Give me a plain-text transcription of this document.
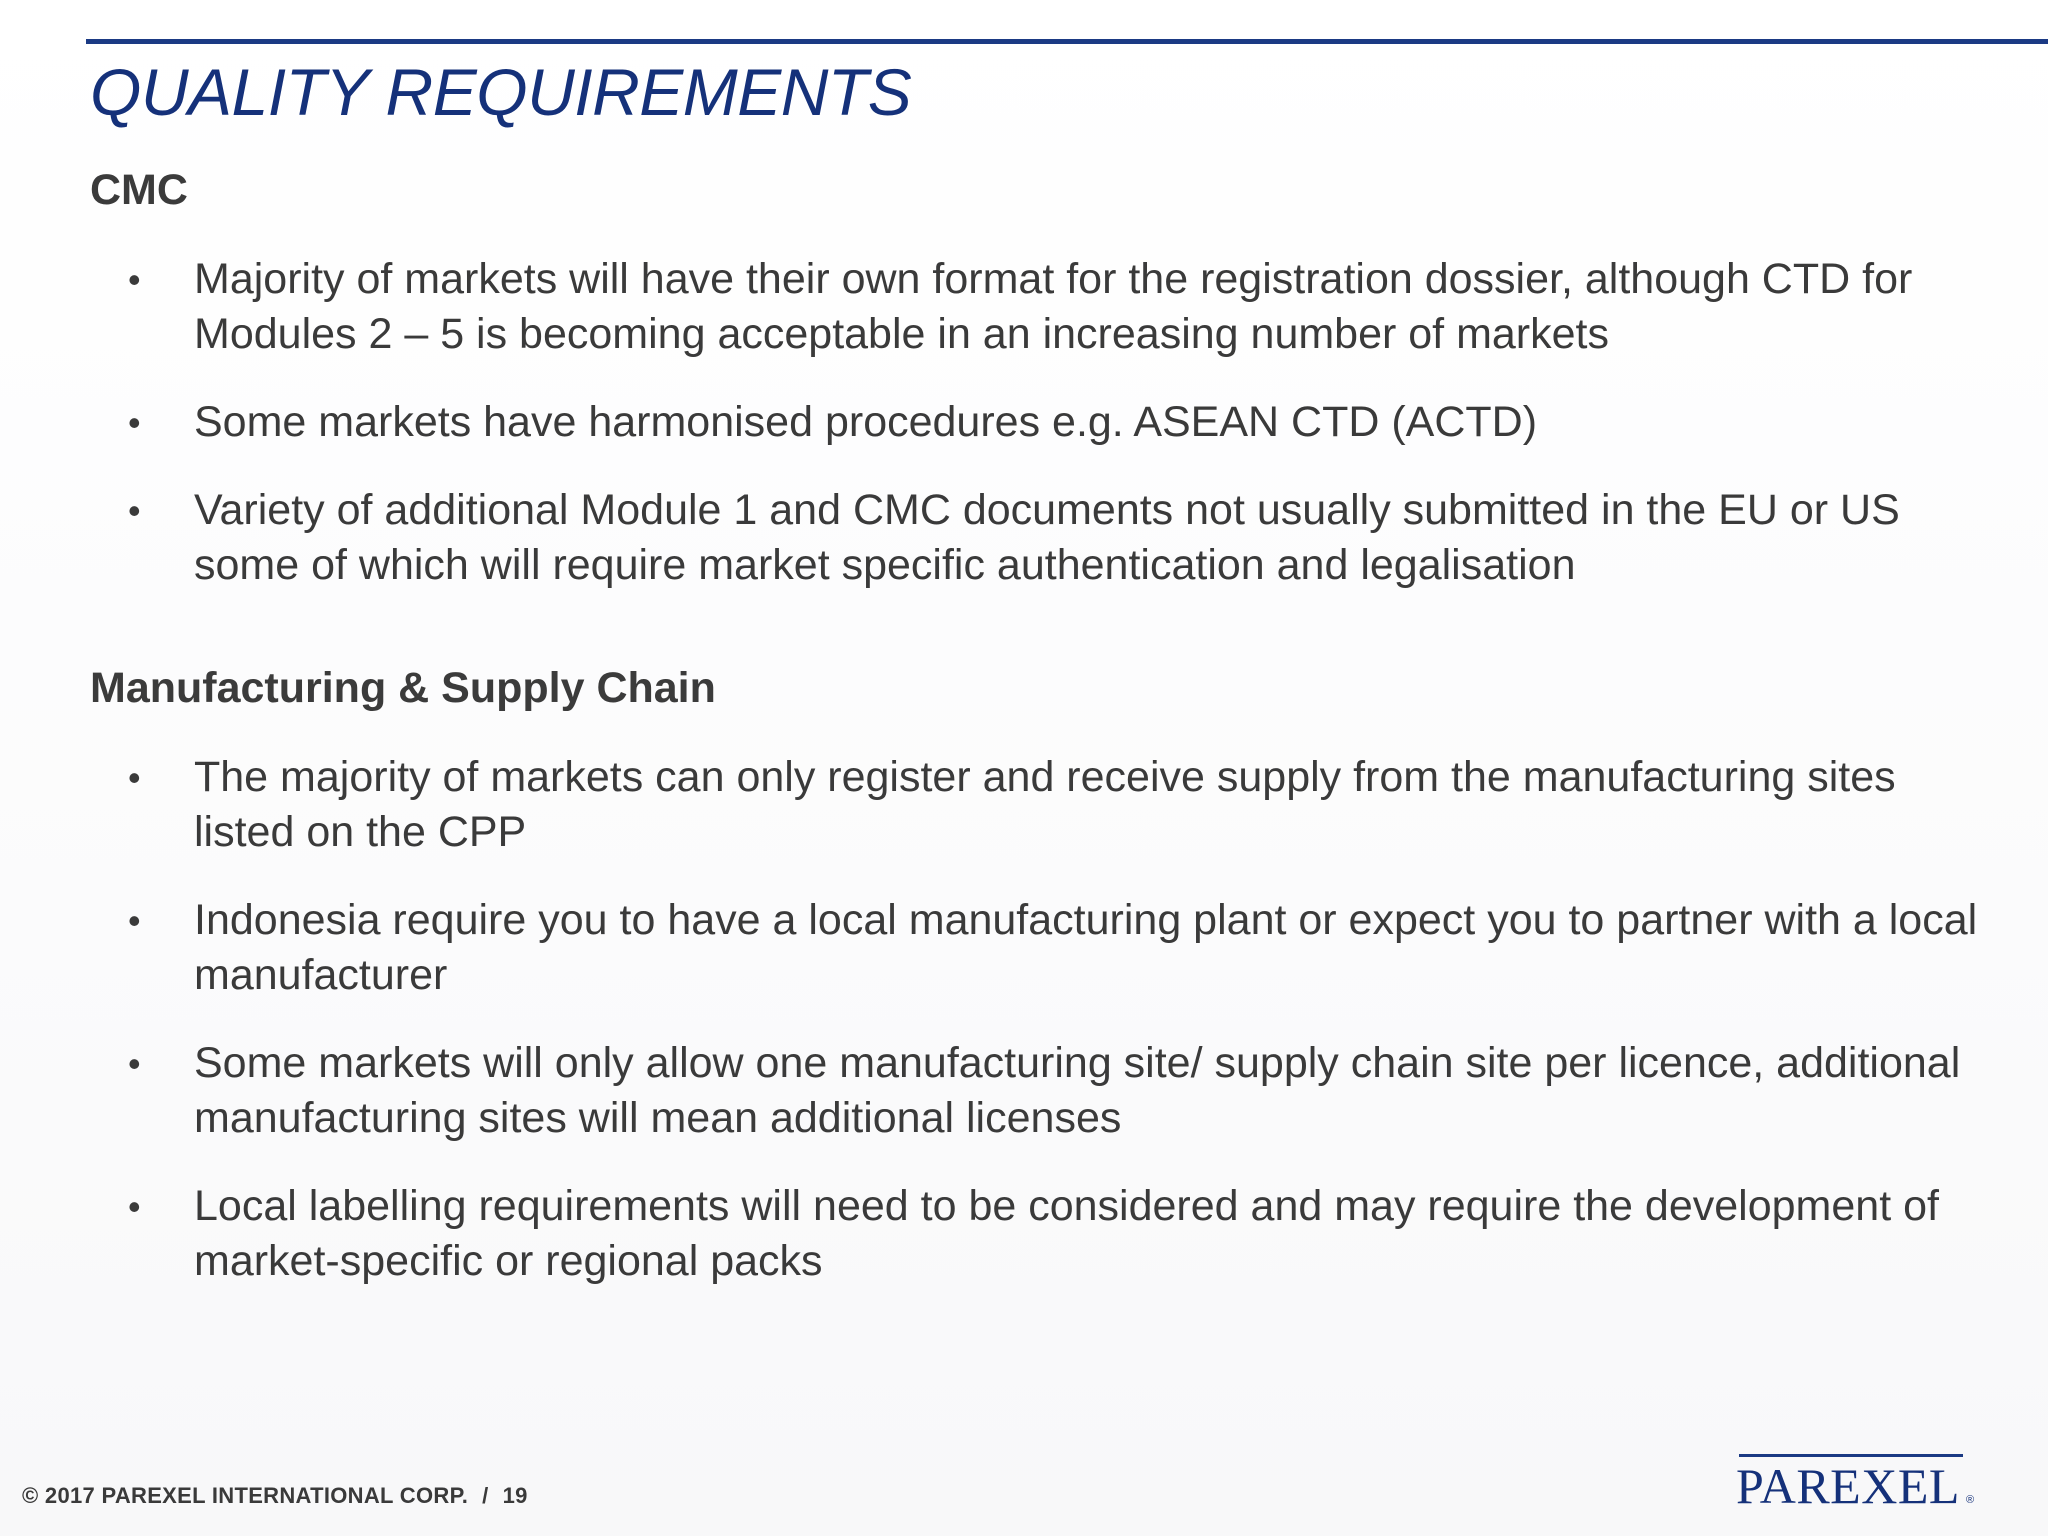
QUALITY REQUIREMENTS
CMC
•	Majority of markets will have their own format for the registration dossier, although CTD for Modules 2 – 5 is becoming acceptable in an increasing number of markets
•	Some markets have harmonised procedures e.g. ASEAN CTD (ACTD)
•	Variety of additional Module 1 and CMC documents not usually submitted in the EU or US some of which will require market specific authentication and legalisation
Manufacturing & Supply Chain
•	The majority of markets can only register and receive supply from the manufacturing sites listed on the CPP
•	Indonesia require you to have a local manufacturing plant or expect you to partner with a local manufacturer
•	Some markets will only allow one manufacturing site/ supply chain site per licence, additional manufacturing sites will mean additional licenses
•	Local labelling requirements will need to be considered and may require the development of market-specific or regional packs
© 2017 PAREXEL INTERNATIONAL CORP. / 19	PAREXEL ®
